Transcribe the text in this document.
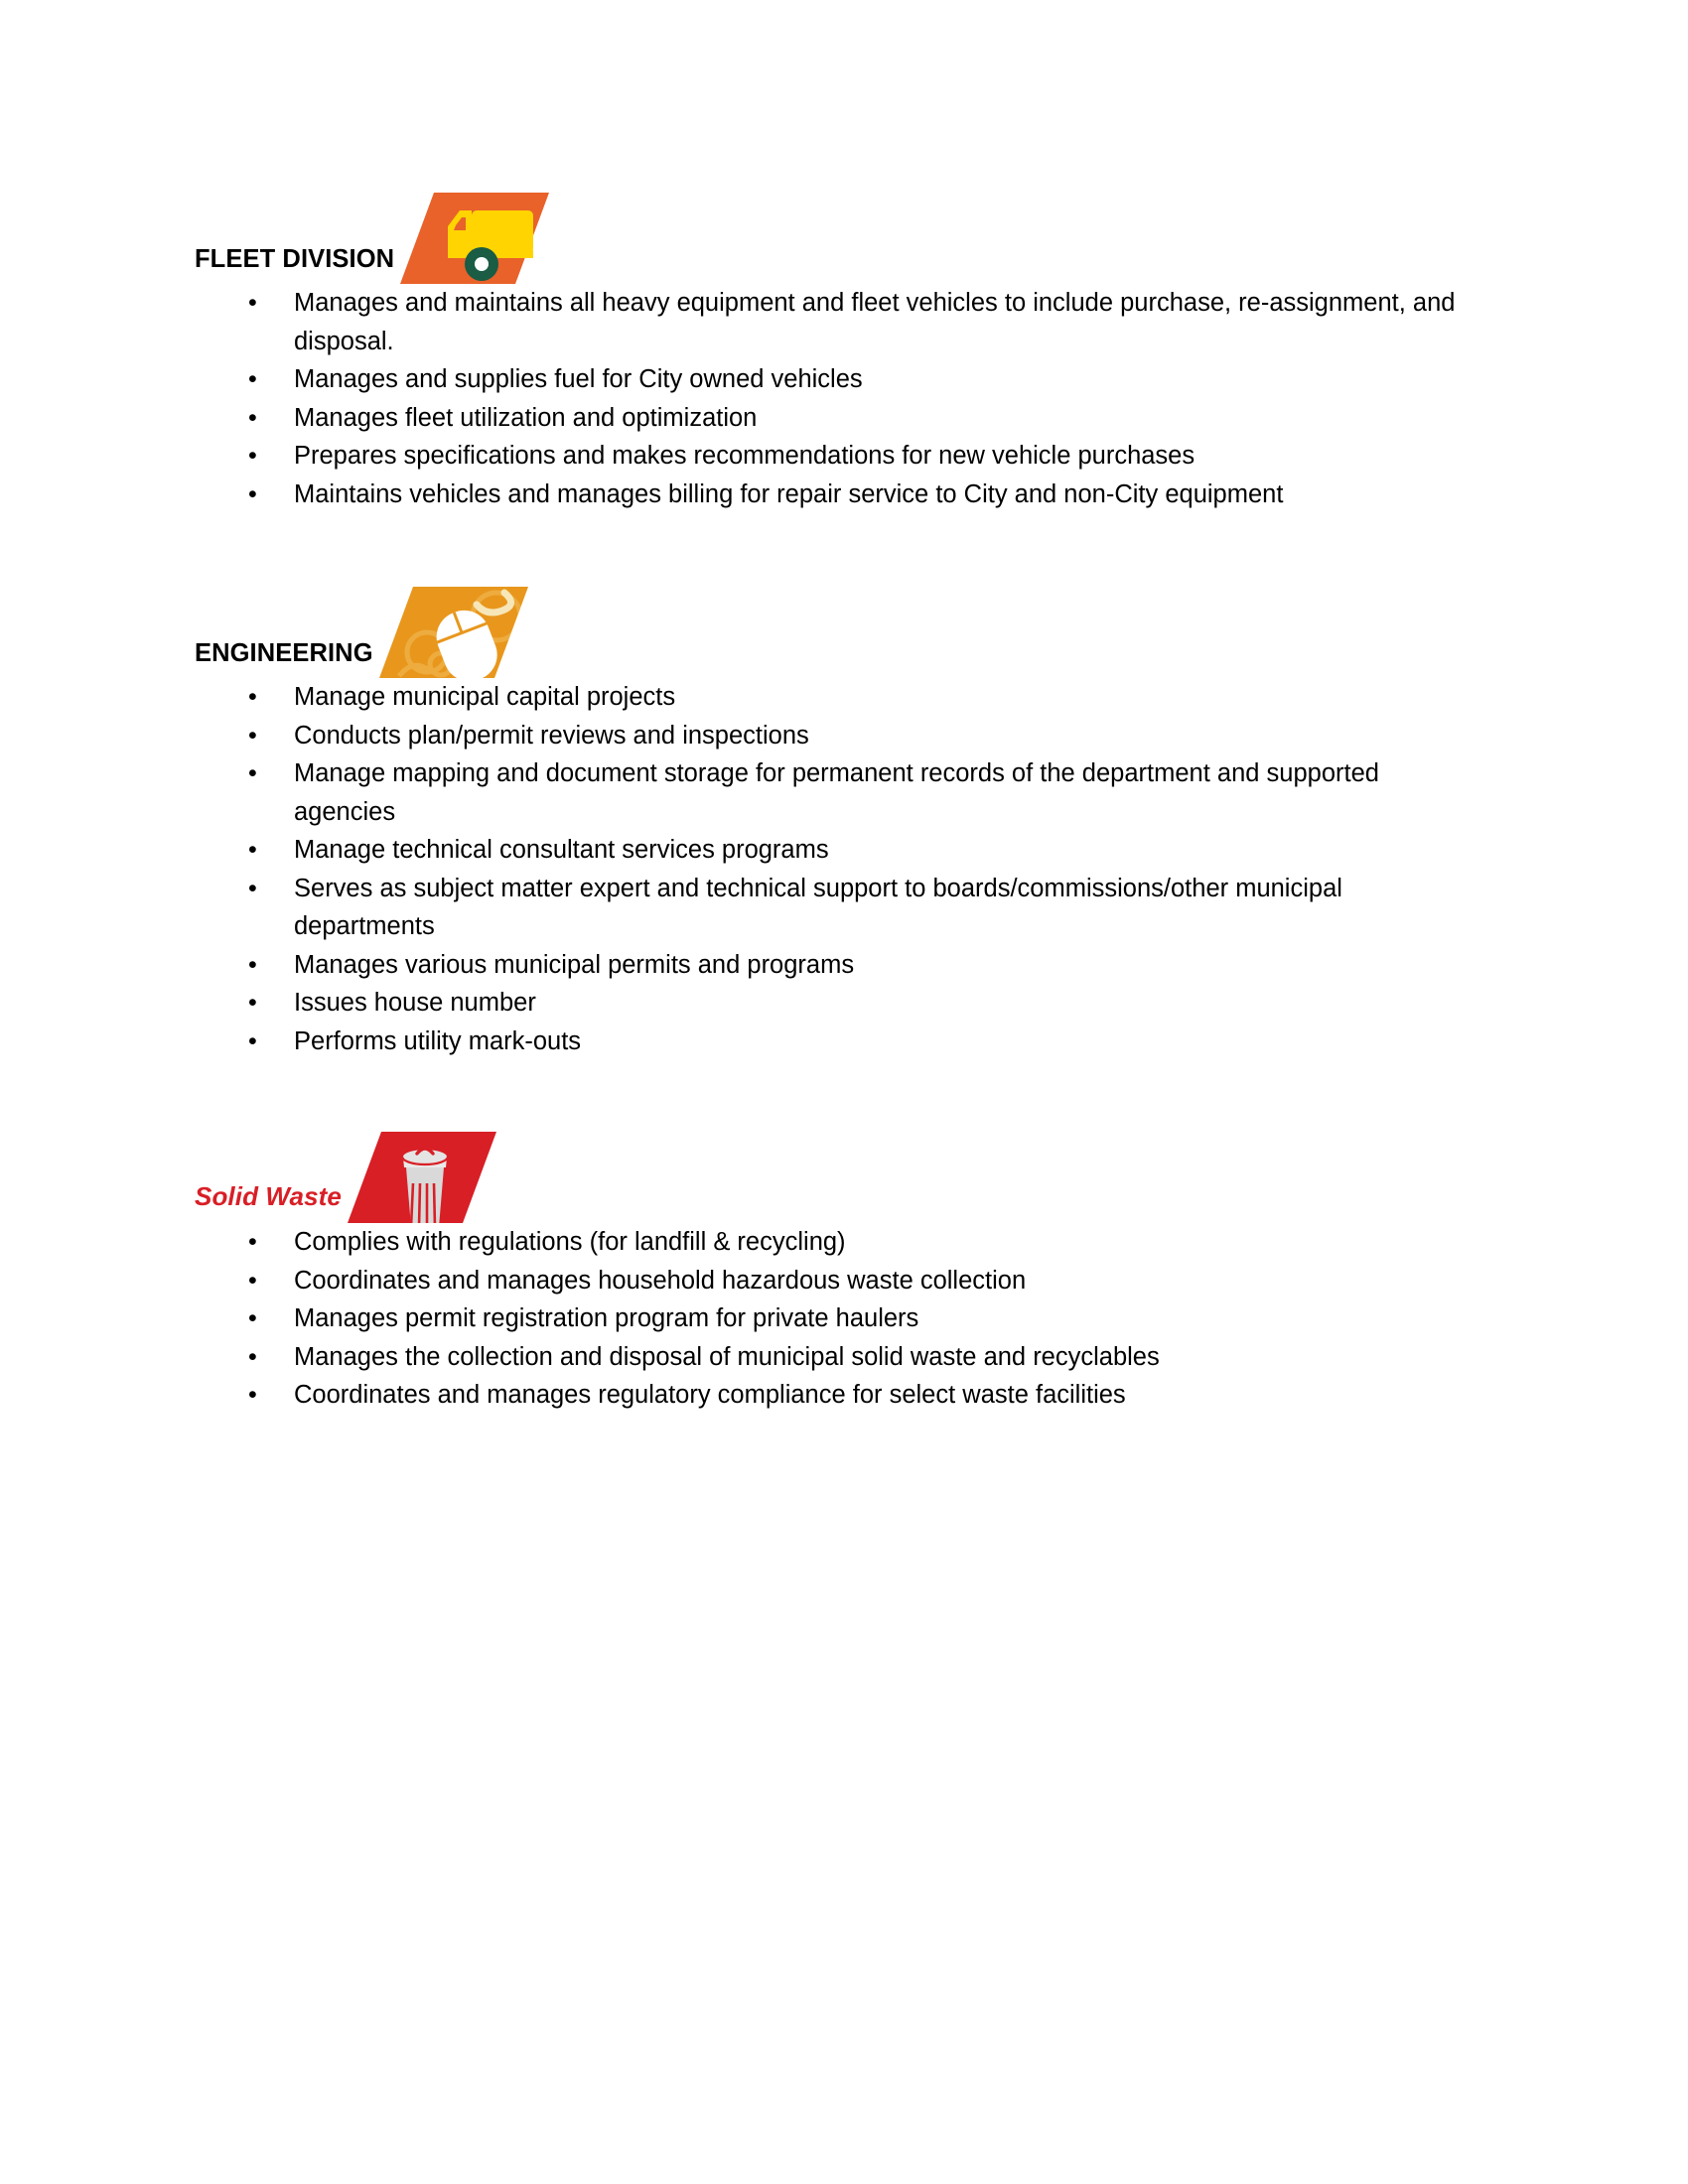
FLEET DIVISION
•	Manages and maintains all heavy equipment and fleet vehicles to include purchase, re-assignment, and disposal.
•	Manages and supplies fuel for City owned vehicles
•	Manages fleet utilization and optimization
•	Prepares specifications and makes recommendations for new vehicle purchases
•	Maintains vehicles and manages billing for repair service to City and non-City equipment
ENGINEERING
•	Manage municipal capital projects
•	Conducts plan/permit reviews and inspections
•	Manage mapping and document storage for permanent records of the department and supported agencies
•	Manage technical consultant services programs
•	Serves as subject matter expert and technical support to boards/commissions/other municipal departments
•	Manages various municipal permits and programs
•	Issues house number
•	Performs utility mark-outs
Solid Waste
•	Complies with regulations (for landfill & recycling)
•	Coordinates and manages household hazardous waste collection
•	Manages permit registration program for private haulers
•	Manages the collection and disposal of municipal solid waste and recyclables
•	Coordinates and manages regulatory compliance for select waste facilities
